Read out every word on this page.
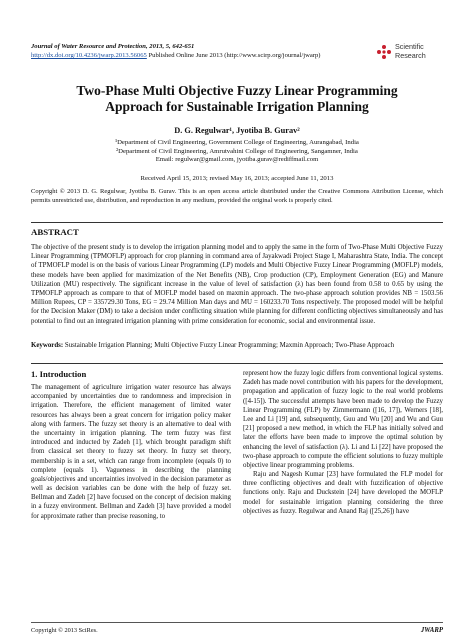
Journal of Water Resource and Protection, 2013, 5, 642-651
http://dx.doi.org/10.4236/jwarp.2013.56065 Published Online June 2013 (http://www.scirp.org/journal/jwarp)
Scientific
Research
Two-Phase Multi Objective Fuzzy Linear Programming
Approach for Sustainable Irrigation Planning
D. G. Regulwar¹, Jyotiba B. Gurav²
¹Department of Civil Engineering, Government College of Engineering, Aurangabad, India
²Department of Civil Engineering, Amrutvahini College of Engineering, Sangamner, India
Email: regulwar@gmail.com, jyotiba.gurav@rediffmail.com
Received April 15, 2013; revised May 16, 2013; accepted June 11, 2013
Copyright © 2013 D. G. Regulwar, Jyotiba B. Gurav. This is an open access article distributed under the Creative Commons Attribution License, which permits unrestricted use, distribution, and reproduction in any medium, provided the original work is properly cited.
ABSTRACT
The objective of the present study is to develop the irrigation planning model and to apply the same in the form of Two-Phase Multi Objective Fuzzy Linear Programming (TPMOFLP) approach for crop planning in command area of Jayakwadi Project Stage I, Maharashtra State, India. The concept of TPMOFLP model is on the basis of various Linear Programming (LP) models and Multi Objective Fuzzy Linear Programming (MOFLP) models, these models have been applied for maximization of the Net Benefits (NB), Crop production (CP), Employment Generation (EG) and Manure Utilization (MU) respectively. The significant increase in the value of level of satisfaction (λ) has been found from 0.58 to 0.65 by using the TPMOFLP approach as compare to that of MOFLP model based on maxmin approach. The two-phase approach solution provides NB = 1503.56 Million Rupees, CP = 335729.30 Tons, EG = 29.74 Million Man days and MU = 160233.70 Tons respectively. The proposed model will be helpful for the Decision Maker (DM) to take a decision under conflicting situation while planning for different conflicting objectives simultaneously and has potential to find out an integrated irrigation planning with prime consideration for economic, social and environmental issue.
Keywords: Sustainable Irrigation Planning; Multi Objective Fuzzy Linear Programming; Maxmin Approach; Two-Phase Approach
1. Introduction

The management of agriculture irrigation water resource has always accompanied by uncertainties due to randomness and imprecision in irrigation. Therefore, the efficient management of limited water resources has always been a great concern for irrigation policy maker along with farmers. The fuzzy set theory is an alternative to deal with the uncertainty in irrigation planning. The term fuzzy was first introduced and inducted by Zadeh [1], which brought paradigm shift from classical set theory to fuzzy set theory. In fuzzy set theory, membership is in a set, which can range from incomplete (equals 0) to complete (equals 1). Vagueness in describing the planning goals/objectives and uncertainties involved in the decision parameter as well as decision variables can be done with the help of fuzzy set. Bellman and Zadeh [2] have focused on the concept of decision making in a fuzzy environment. Bellman and Zadeh [3] have provided a model for approximate rather than precise reasoning, to

represent how the fuzzy logic differs from conventional logical systems. Zadeh has made novel contribution with his papers for the development, propagation and application of fuzzy logic to the real world problems ([4-15]). The successful attempts have been made to develop the Fuzzy Linear Programming (FLP) by Zimmermann ([16, 17]), Werners [18], Lee and Li [19] and, subsequently, Guu and Wu [20] and Wu and Guu [21] proposed a new method, in which the FLP has initially solved and later the efforts have been made to improve the optimal solution by enhancing the level of satisfaction (λ). Li and Li [22] have proposed the two-phase approach to compute the efficient solutions to fuzzy multiple objective linear programming problems.

Raju and Nagesh Kumar [23] have formulated the FLP model for three conflicting objectives and dealt with fuzzification of objective functions only. Raju and Duckstein [24] have developed the MOFLP model for sustainable irrigation planning considering the three objectives as fuzzy. Regulwar and Anand Raj ([25,26]) have

Copyright © 2013 SciRes.	JWARP
